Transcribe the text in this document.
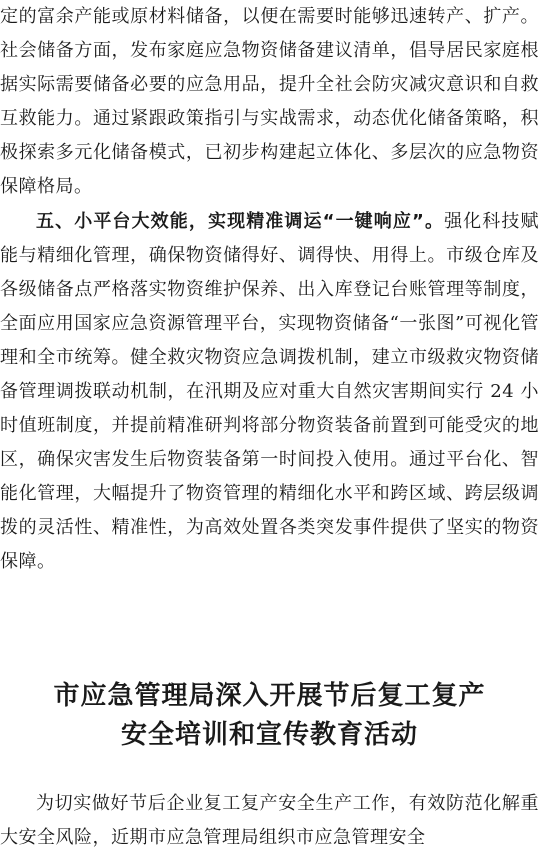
定的富余产能或原材料储备，以便在需要时能够迅速转产、扩产。社会储备方面，发布家庭应急物资储备建议清单，倡导居民家庭根据实际需要储备必要的应急用品，提升全社会防灾减灾意识和自救互救能力。通过紧跟政策指引与实战需求，动态优化储备策略，积极探索多元化储备模式，已初步构建起立体化、多层次的应急物资保障格局。

五、小平台大效能，实现精准调运“一键响应”。强化科技赋能与精细化管理，确保物资储得好、调得快、用得上。市级仓库及各级储备点严格落实物资维护保养、出入库登记台账管理等制度，全面应用国家应急资源管理平台，实现物资储备“一张图”可视化管理和全市统筹。健全救灾物资应急调拨机制，建立市级救灾物资储备管理调拨联动机制，在汛期及应对重大自然灾害期间实行 24 小时值班制度，并提前精准研判将部分物资装备前置到可能受灾的地区，确保灾害发生后物资装备第一时间投入使用。通过平台化、智能化管理，大幅提升了物资管理的精细化水平和跨区域、跨层级调拨的灵活性、精准性，为高效处置各类突发事件提供了坚实的物资保障。

市应急管理局深入开展节后复工复产
安全培训和宣传教育活动

为切实做好节后企业复工复产安全生产工作，有效防范化解重大安全风险，近期市应急管理局组织市应急管理安全
